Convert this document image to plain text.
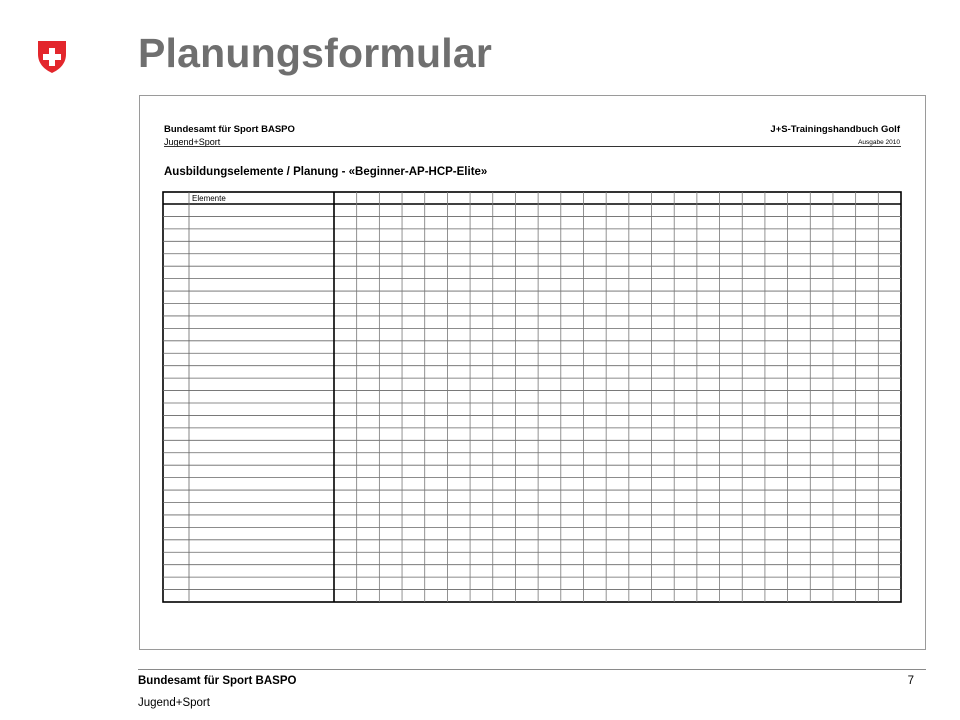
Planungsformular
Bundesamt für Sport BASPO
Jugend+Sport
J+S-Trainingshandbuch Golf
Ausgabe 2010
Ausbildungselemente / Planung - «Beginner-AP-HCP-Elite»
Elemente
Bundesamt für Sport BASPO
Jugend+Sport
7
